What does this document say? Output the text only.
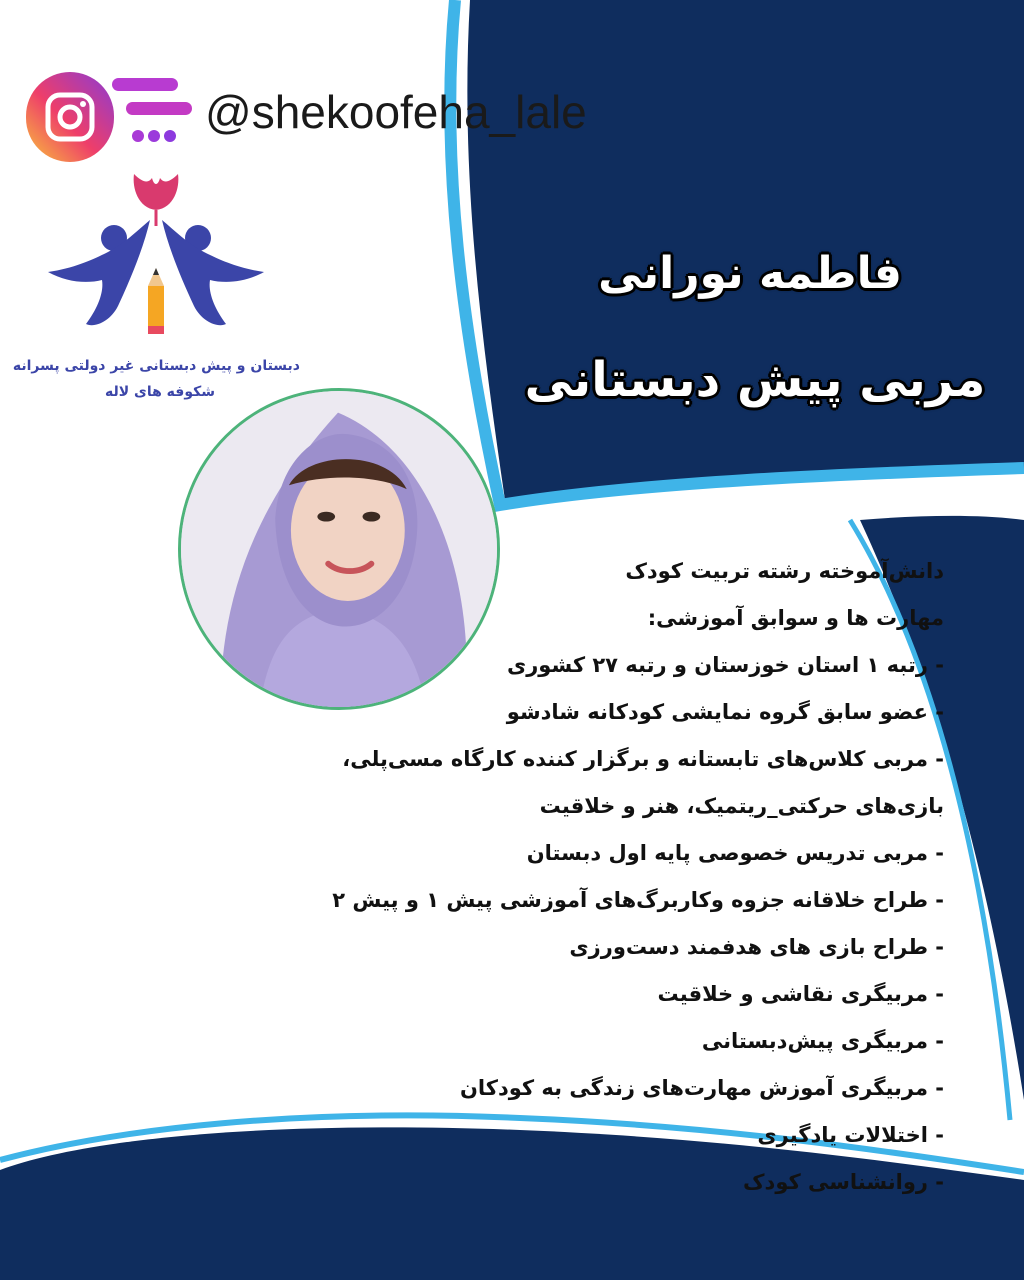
@shekoofeha_lale
دبستان و پیش دبستانی غیر دولتی پسرانه
شکوفه های لاله
فاطمه نورانی
مربی پیش دبستانی
دانش‌آموخته رشته تربیت کودک
مهارت ها و سوابق آموزشی:
- رتبه ۱ استان خوزستان و رتبه ۲۷ کشوری
- عضو سابق گروه نمایشی کودکانه شادشو
- مربی کلاس‌های تابستانه و برگزار کننده کارگاه مسی‌پلی،
بازی‌های حرکتی_ریتمیک، هنر و خلاقیت
- مربی تدریس خصوصی پایه اول دبستان
- طراح خلاقانه جزوه وکاربرگ‌های آموزشی پیش ۱ و پیش ۲
- طراح بازی های هدفمند دست‌ورزی
- مربیگری نقاشی و خلاقیت
- مربیگری پیش‌دبستانی
- مربیگری آموزش مهارت‌های زندگی به کودکان
- اختلالات یادگیری
- روانشناسی کودک
